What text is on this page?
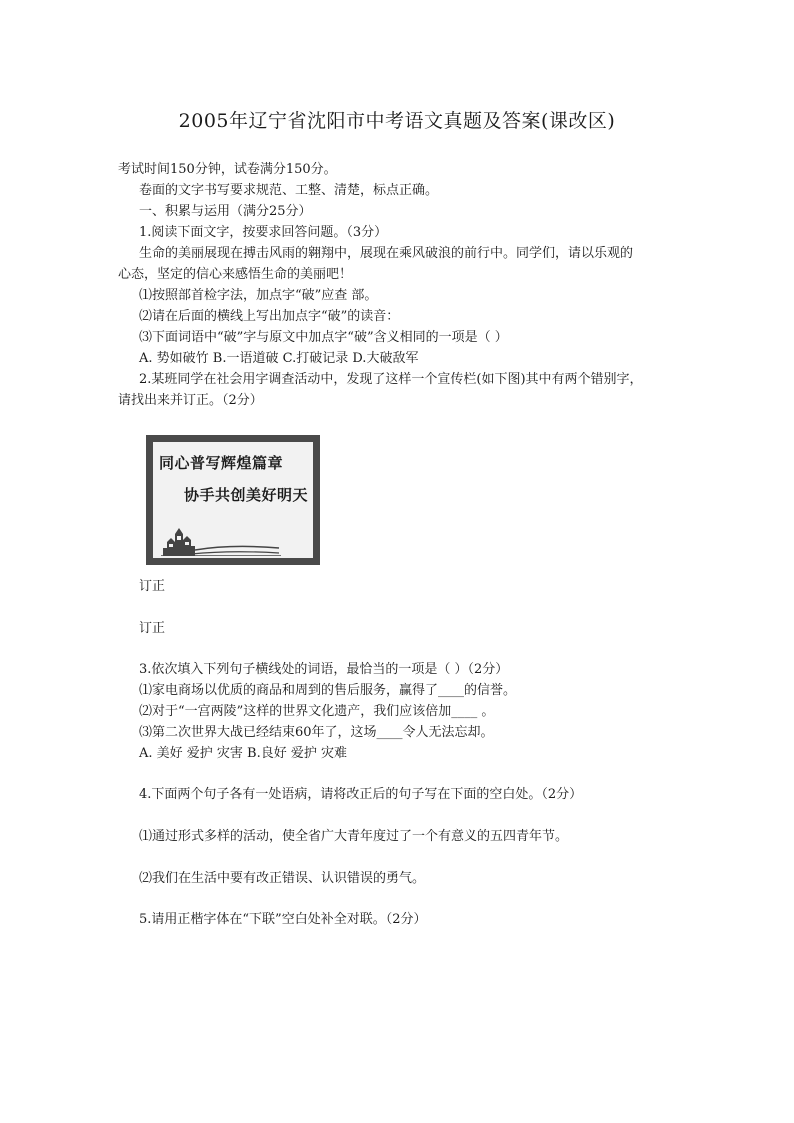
2005年辽宁省沈阳市中考语文真题及答案(课改区)
考试时间150分钟，试卷满分150分。
卷面的文字书写要求规范、工整、清楚，标点正确。
一、积累与运用（满分25分）
1.阅读下面文字，按要求回答问题。（3分）
生命的美丽展现在搏击风雨的翱翔中，展现在乘风破浪的前行中。同学们，请以乐观的
心态，坚定的信心来感悟生命的美丽吧！
⑴按照部首检字法，加点字“破”应查 部。
⑵请在后面的横线上写出加点字“破”的读音：
⑶下面词语中“破”字与原文中加点字“破”含义相同的一项是（ ）
A. 势如破竹 B.一语道破 C.打破记录 D.大破敌军
2.某班同学在社会用字调查活动中，发现了这样一个宣传栏(如下图)其中有两个错别字，
请找出来并订正。（2分）
同心普写辉煌篇章
协手共创美好明天
订正
订正
3.依次填入下列句子横线处的词语，最恰当的一项是（ ）（2分）
⑴家电商场以优质的商品和周到的售后服务，赢得了____的信誉。
⑵对于“一宫两陵”这样的世界文化遗产，我们应该倍加____ 。
⑶第二次世界大战已经结束60年了，这场____令人无法忘却。
A. 美好 爱护 灾害 B.良好 爱护 灾难
4.下面两个句子各有一处语病，请将改正后的句子写在下面的空白处。（2分）
⑴通过形式多样的活动，使全省广大青年度过了一个有意义的五四青年节。
⑵我们在生活中要有改正错误、认识错误的勇气。
5.请用正楷字体在“下联”空白处补全对联。（2分）
